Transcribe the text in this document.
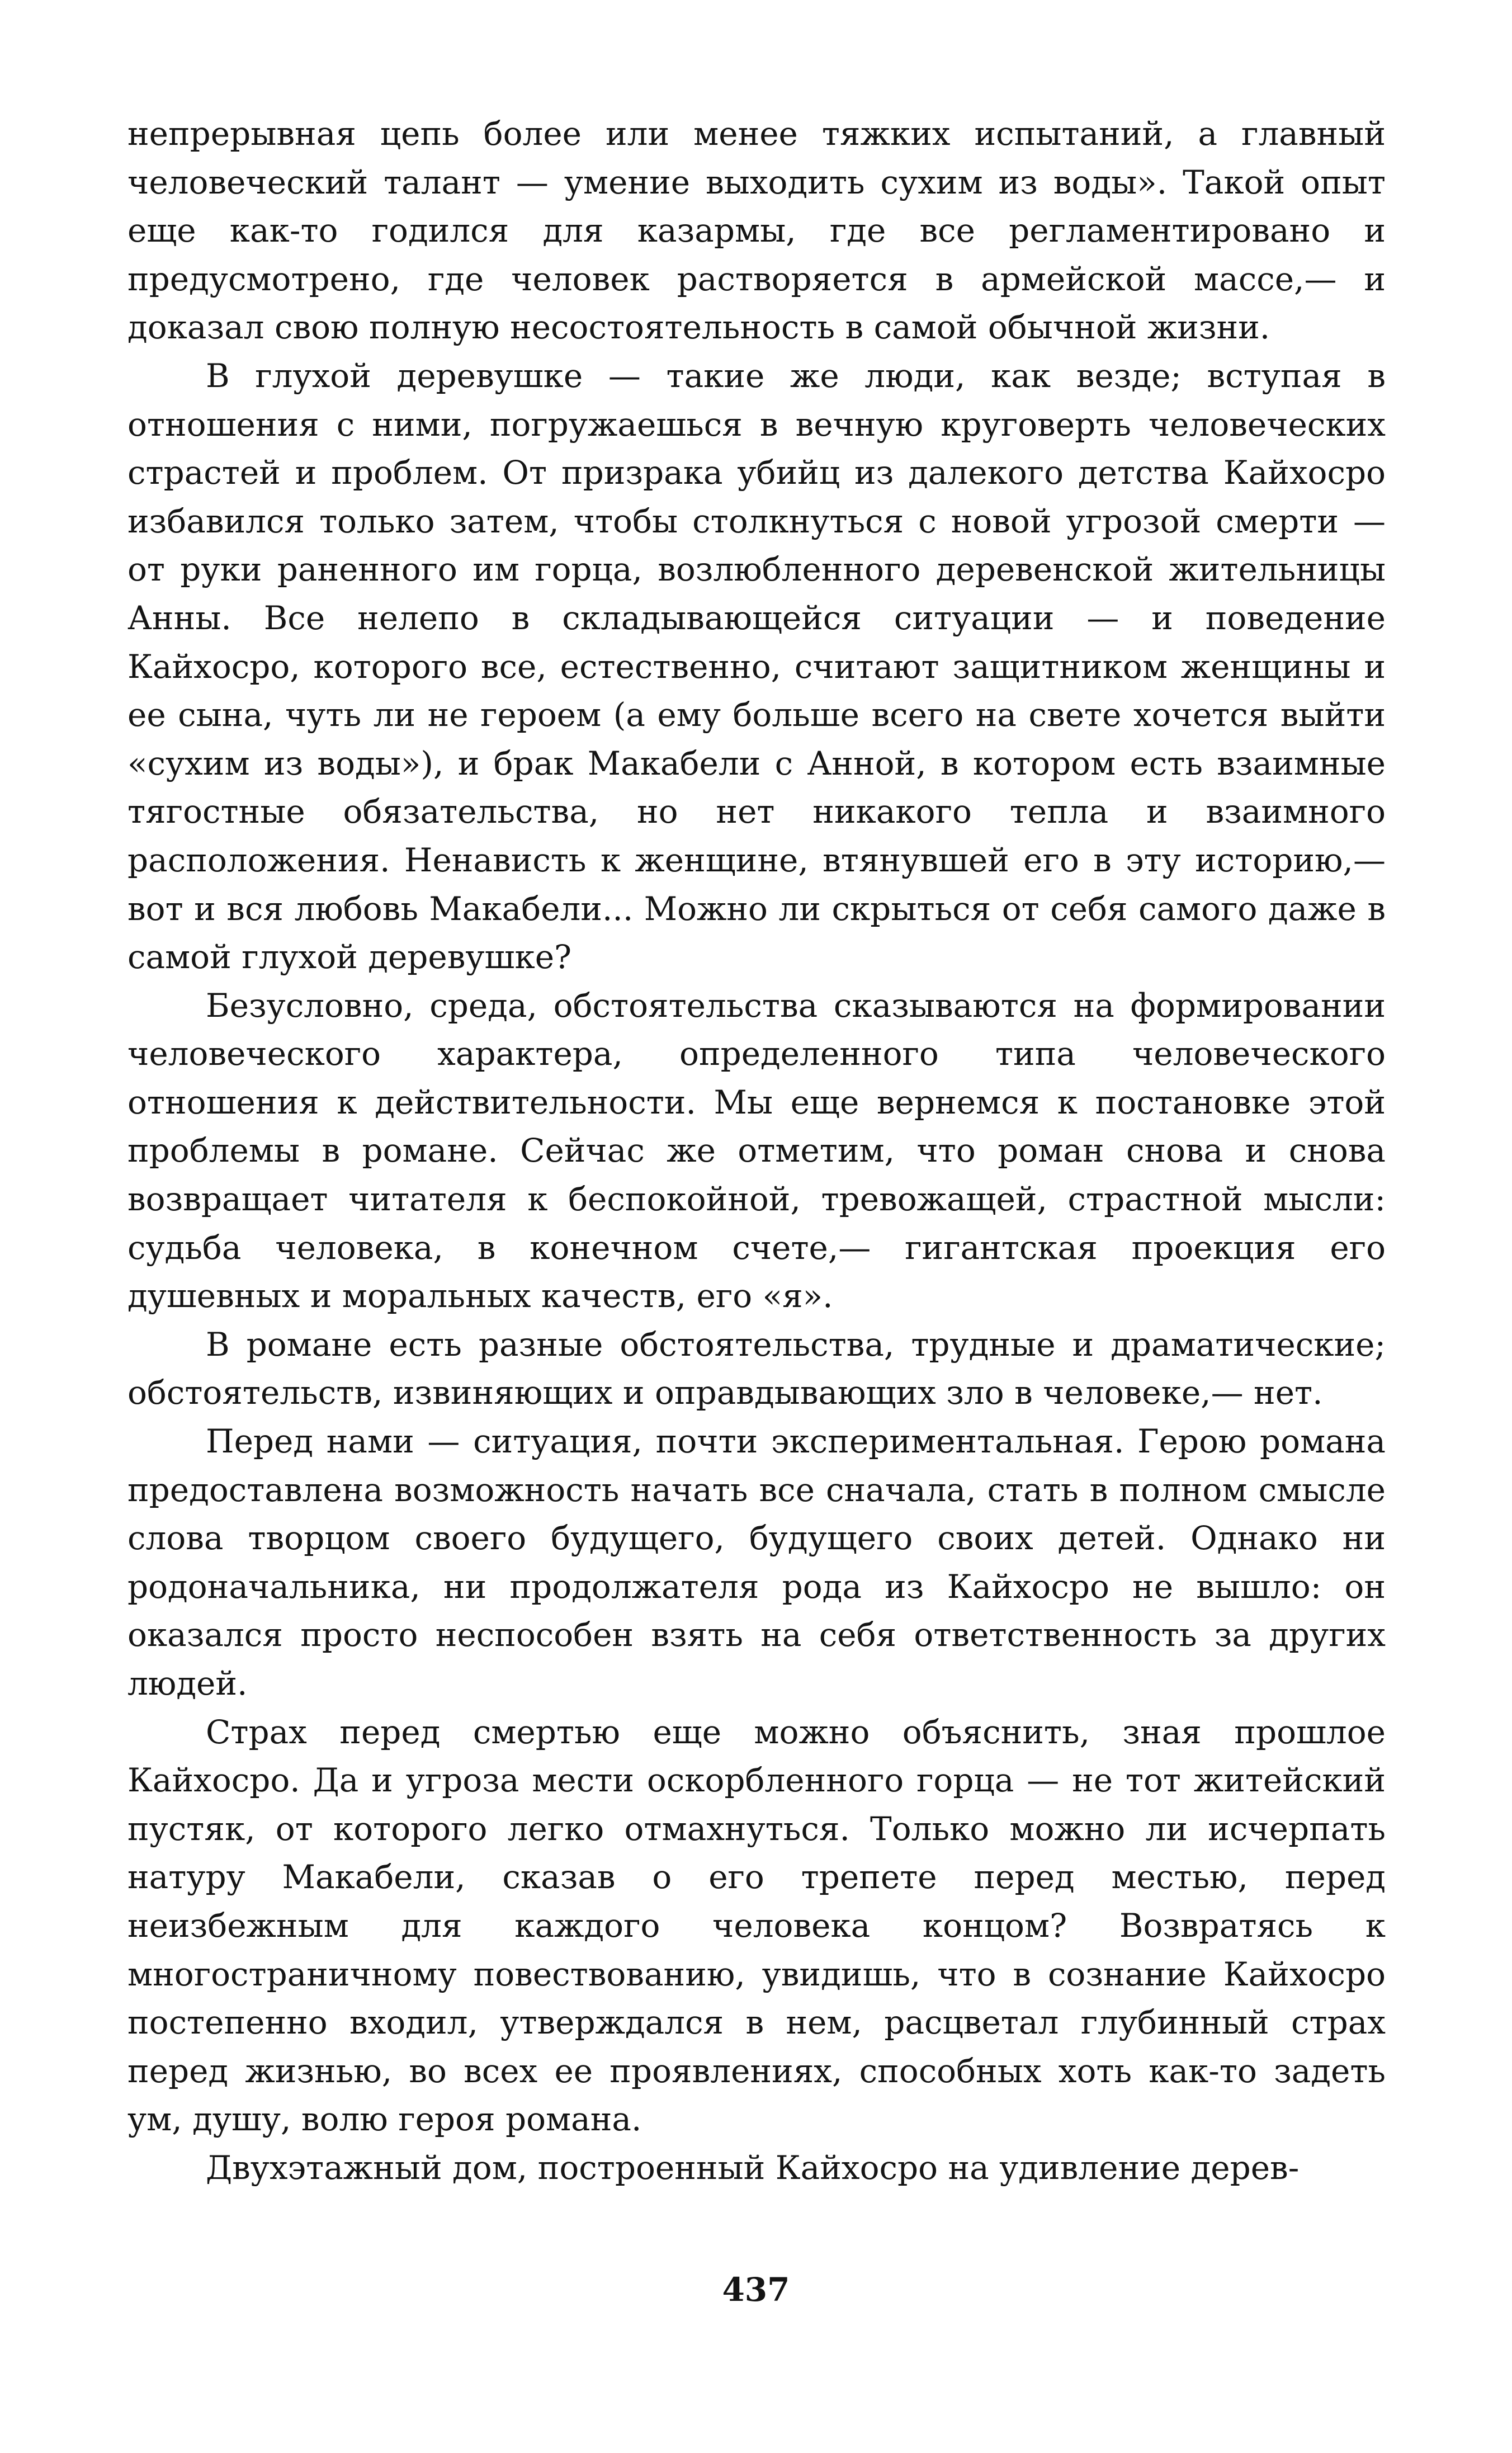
непрерывная цепь более или менее тяжких испытаний, а главный человеческий талант — умение выходить сухим из воды». Такой опыт еще как-то годился для казармы, где все регламентировано и предусмотрено, где человек растворяется в армейской массе,— и доказал свою полную несостоятельность в самой обычной жизни.

В глухой деревушке — такие же люди, как везде; вступая в отношения с ними, погружаешься в вечную круговерть человеческих страстей и проблем. От призрака убийц из далекого детства Кайхосро избавился только затем, чтобы столкнуться с новой угрозой смерти — от руки раненного им горца, возлюбленного деревенской жительницы Анны. Все нелепо в складывающейся ситуации — и поведение Кайхосро, которого все, естественно, считают защитником женщины и ее сына, чуть ли не героем (а ему больше всего на свете хочется выйти «сухим из воды»), и брак Макабели с Анной, в котором есть взаимные тягостные обязательства, но нет никакого тепла и взаимного расположения. Ненависть к женщине, втянувшей его в эту историю,— вот и вся любовь Макабели... Можно ли скрыться от себя самого даже в самой глухой деревушке?

Безусловно, среда, обстоятельства сказываются на формировании человеческого характера, определенного типа человеческого отношения к действительности. Мы еще вернемся к постановке этой проблемы в романе. Сейчас же отметим, что роман снова и снова возвращает читателя к беспокойной, тревожащей, страстной мысли: судьба человека, в конечном счете,— гигантская проекция его душевных и моральных качеств, его «я».

В романе есть разные обстоятельства, трудные и драматические; обстоятельств, извиняющих и оправдывающих зло в человеке,— нет.

Перед нами — ситуация, почти экспериментальная. Герою романа предоставлена возможность начать все сначала, стать в полном смысле слова творцом своего будущего, будущего своих детей. Однако ни родоначальника, ни продолжателя рода из Кайхосро не вышло: он оказался просто неспособен взять на себя ответственность за других людей.

Страх перед смертью еще можно объяснить, зная прошлое Кайхосро. Да и угроза мести оскорбленного горца — не тот житейский пустяк, от которого легко отмахнуться. Только можно ли исчерпать натуру Макабели, сказав о его трепете перед местью, перед неизбежным для каждого человека концом? Возвратясь к многостраничному повествованию, увидишь, что в сознание Кайхосро постепенно входил, утверждался в нем, расцветал глубинный страх перед жизнью, во всех ее проявлениях, способных хоть как-то задеть ум, душу, волю героя романа.

Двухэтажный дом, построенный Кайхосро на удивление дерев-

437
